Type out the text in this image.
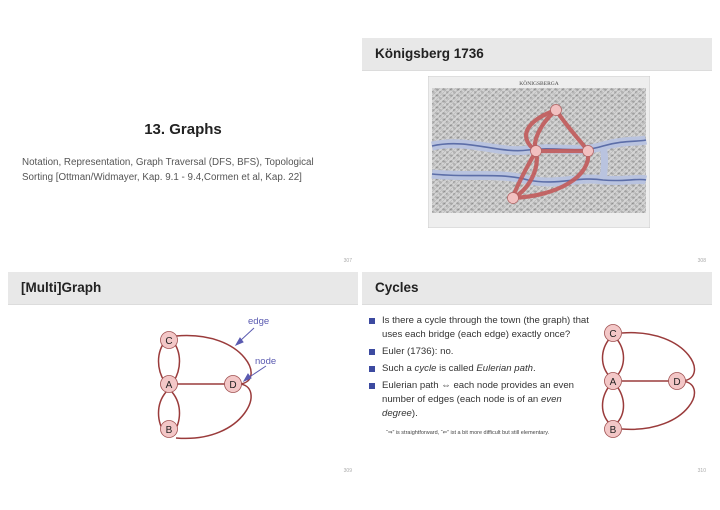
13. Graphs
Notation, Representation, Graph Traversal (DFS, BFS), Topological Sorting [Ottman/Widmayer, Kap. 9.1 - 9.4,Cormen et al, Kap. 22]
307
Königsberg 1736
KÖNIGSBERGA
308
[Multi]Graph
edge
node
C
A	D
B
309
Cycles
Is there a cycle through the town (the graph) that uses each bridge (each edge) exactly once?
Euler (1736): no.
Such a cycle is called Eulerian path.
Eulerian path ⇔ each node provides an even number of edges (each node is of an even degree).
“⇒” is straightforward, “⇐” ist a bit more difficult but still elementary.
C
A	D
B
310
